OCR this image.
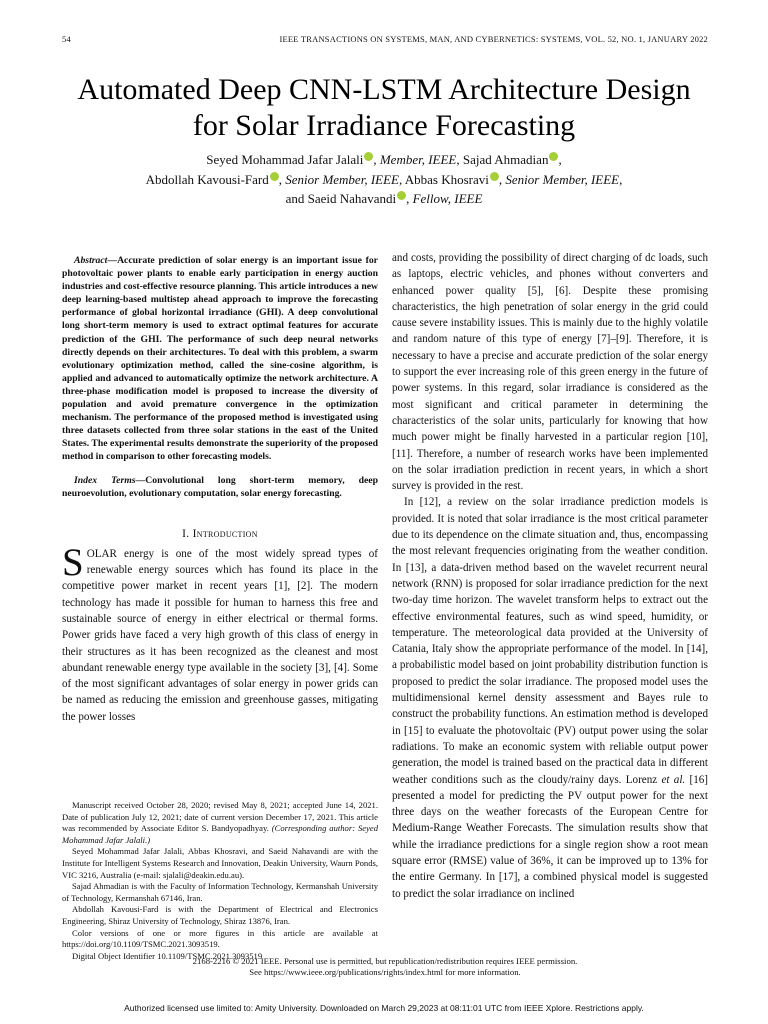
54	IEEE TRANSACTIONS ON SYSTEMS, MAN, AND CYBERNETICS: SYSTEMS, VOL. 52, NO. 1, JANUARY 2022
Automated Deep CNN-LSTM Architecture Design
for Solar Irradiance Forecasting
Seyed Mohammad Jafar Jalali , Member, IEEE, Sajad Ahmadian ,
Abdollah Kavousi-Fard , Senior Member, IEEE, Abbas Khosravi , Senior Member, IEEE,
and Saeid Nahavandi , Fellow, IEEE

Abstract—Accurate prediction of solar energy is an important issue for photovoltaic power plants to enable early participation in energy auction industries and cost-effective resource planning. This article introduces a new deep learning-based multistep ahead approach to improve the forecasting performance of global horizontal irradiance (GHI). A deep convolutional long short-term memory is used to extract optimal features for accurate prediction of the GHI. The performance of such deep neural networks directly depends on their architectures. To deal with this problem, a swarm evolutionary optimization method, called the sine-cosine algorithm, is applied and advanced to automatically optimize the network architecture. A three-phase modification model is proposed to increase the diversity of population and avoid premature convergence in the optimization mechanism. The performance of the proposed method is investigated using three datasets collected from three solar stations in the east of the United States. The experimental results demonstrate the superiority of the proposed method in comparison to other forecasting models.

Index Terms—Convolutional long short-term memory, deep neuroevolution, evolutionary computation, solar energy forecasting.

I. Introduction

SOLAR energy is one of the most widely spread types of renewable energy sources which has found its place in the competitive power market in recent years [1], [2]. The modern technology has made it possible for human to harness this free and sustainable source of energy in either electrical or thermal forms. Power grids have faced a very high growth of this class of energy in their structures as it has been recognized as the cleanest and most abundant renewable energy type available in the society [3], [4]. Some of the most significant advantages of solar energy in power grids can be named as reducing the emission and greenhouse gasses, mitigating the power losses

Manuscript received October 28, 2020; revised May 8, 2021; accepted June 14, 2021. Date of publication July 12, 2021; date of current version December 17, 2021. This article was recommended by Associate Editor S. Bandyopadhyay. (Corresponding author: Seyed Mohammad Jafar Jalali.)

Seyed Mohammad Jafar Jalali, Abbas Khosravi, and Saeid Nahavandi are with the Institute for Intelligent Systems Research and Innovation, Deakin University, Waurn Ponds, VIC 3216, Australia (e-mail: sjalali@deakin.edu.au).

Sajad Ahmadian is with the Faculty of Information Technology, Kermanshah University of Technology, Kermanshah 67146, Iran.

Abdollah Kavousi-Fard is with the Department of Electrical and Electronics Engineering, Shiraz University of Technology, Shiraz 13876, Iran.

Color versions of one or more figures in this article are available at https://doi.org/10.1109/TSMC.2021.3093519.

Digital Object Identifier 10.1109/TSMC.2021.3093519

and costs, providing the possibility of direct charging of dc loads, such as laptops, electric vehicles, and phones without converters and enhanced power quality [5], [6]. Despite these promising characteristics, the high penetration of solar energy in the grid could cause severe instability issues. This is mainly due to the highly volatile and random nature of this type of energy [7]–[9]. Therefore, it is necessary to have a precise and accurate prediction of the solar energy to support the ever increasing role of this green energy in the future of power systems. In this regard, solar irradiance is considered as the most significant and critical parameter in determining the characteristics of the solar units, particularly for knowing that how much power might be finally harvested in a particular region [10], [11]. Therefore, a number of research works have been implemented on the solar irradiation prediction in recent years, in which a short survey is provided in the rest.

In [12], a review on the solar irradiance prediction models is provided. It is noted that solar irradiance is the most critical parameter due to its dependence on the climate situation and, thus, encompassing the most relevant frequencies originating from the weather condition. In [13], a data-driven method based on the wavelet recurrent neural network (RNN) is proposed for solar irradiance prediction for the next two-day time horizon. The wavelet transform helps to extract out the effective environmental features, such as wind speed, humidity, or temperature. The meteorological data provided at the University of Catania, Italy show the appropriate performance of the model. In [14], a probabilistic model based on joint probability distribution function is proposed to predict the solar irradiance. The proposed model uses the multidimensional kernel density assessment and Bayes rule to construct the probability functions. An estimation method is developed in [15] to evaluate the photovoltaic (PV) output power using the solar radiations. To make an economic system with reliable output power generation, the model is trained based on the practical data in different weather conditions such as the cloudy/rainy days. Lorenz et al. [16] presented a model for predicting the PV output power for the next three days on the weather forecasts of the European Centre for Medium-Range Weather Forecasts. The simulation results show that while the irradiance predictions for a single region show a root mean square error (RMSE) value of 36%, it can be improved up to 13% for the entire Germany. In [17], a combined physical model is suggested to predict the solar irradiance on inclined

2168-2216 © 2021 IEEE. Personal use is permitted, but republication/redistribution requires IEEE permission.
See https://www.ieee.org/publications/rights/index.html for more information.
Authorized licensed use limited to: Amity University. Downloaded on March 29,2023 at 08:11:01 UTC from IEEE Xplore. Restrictions apply.
